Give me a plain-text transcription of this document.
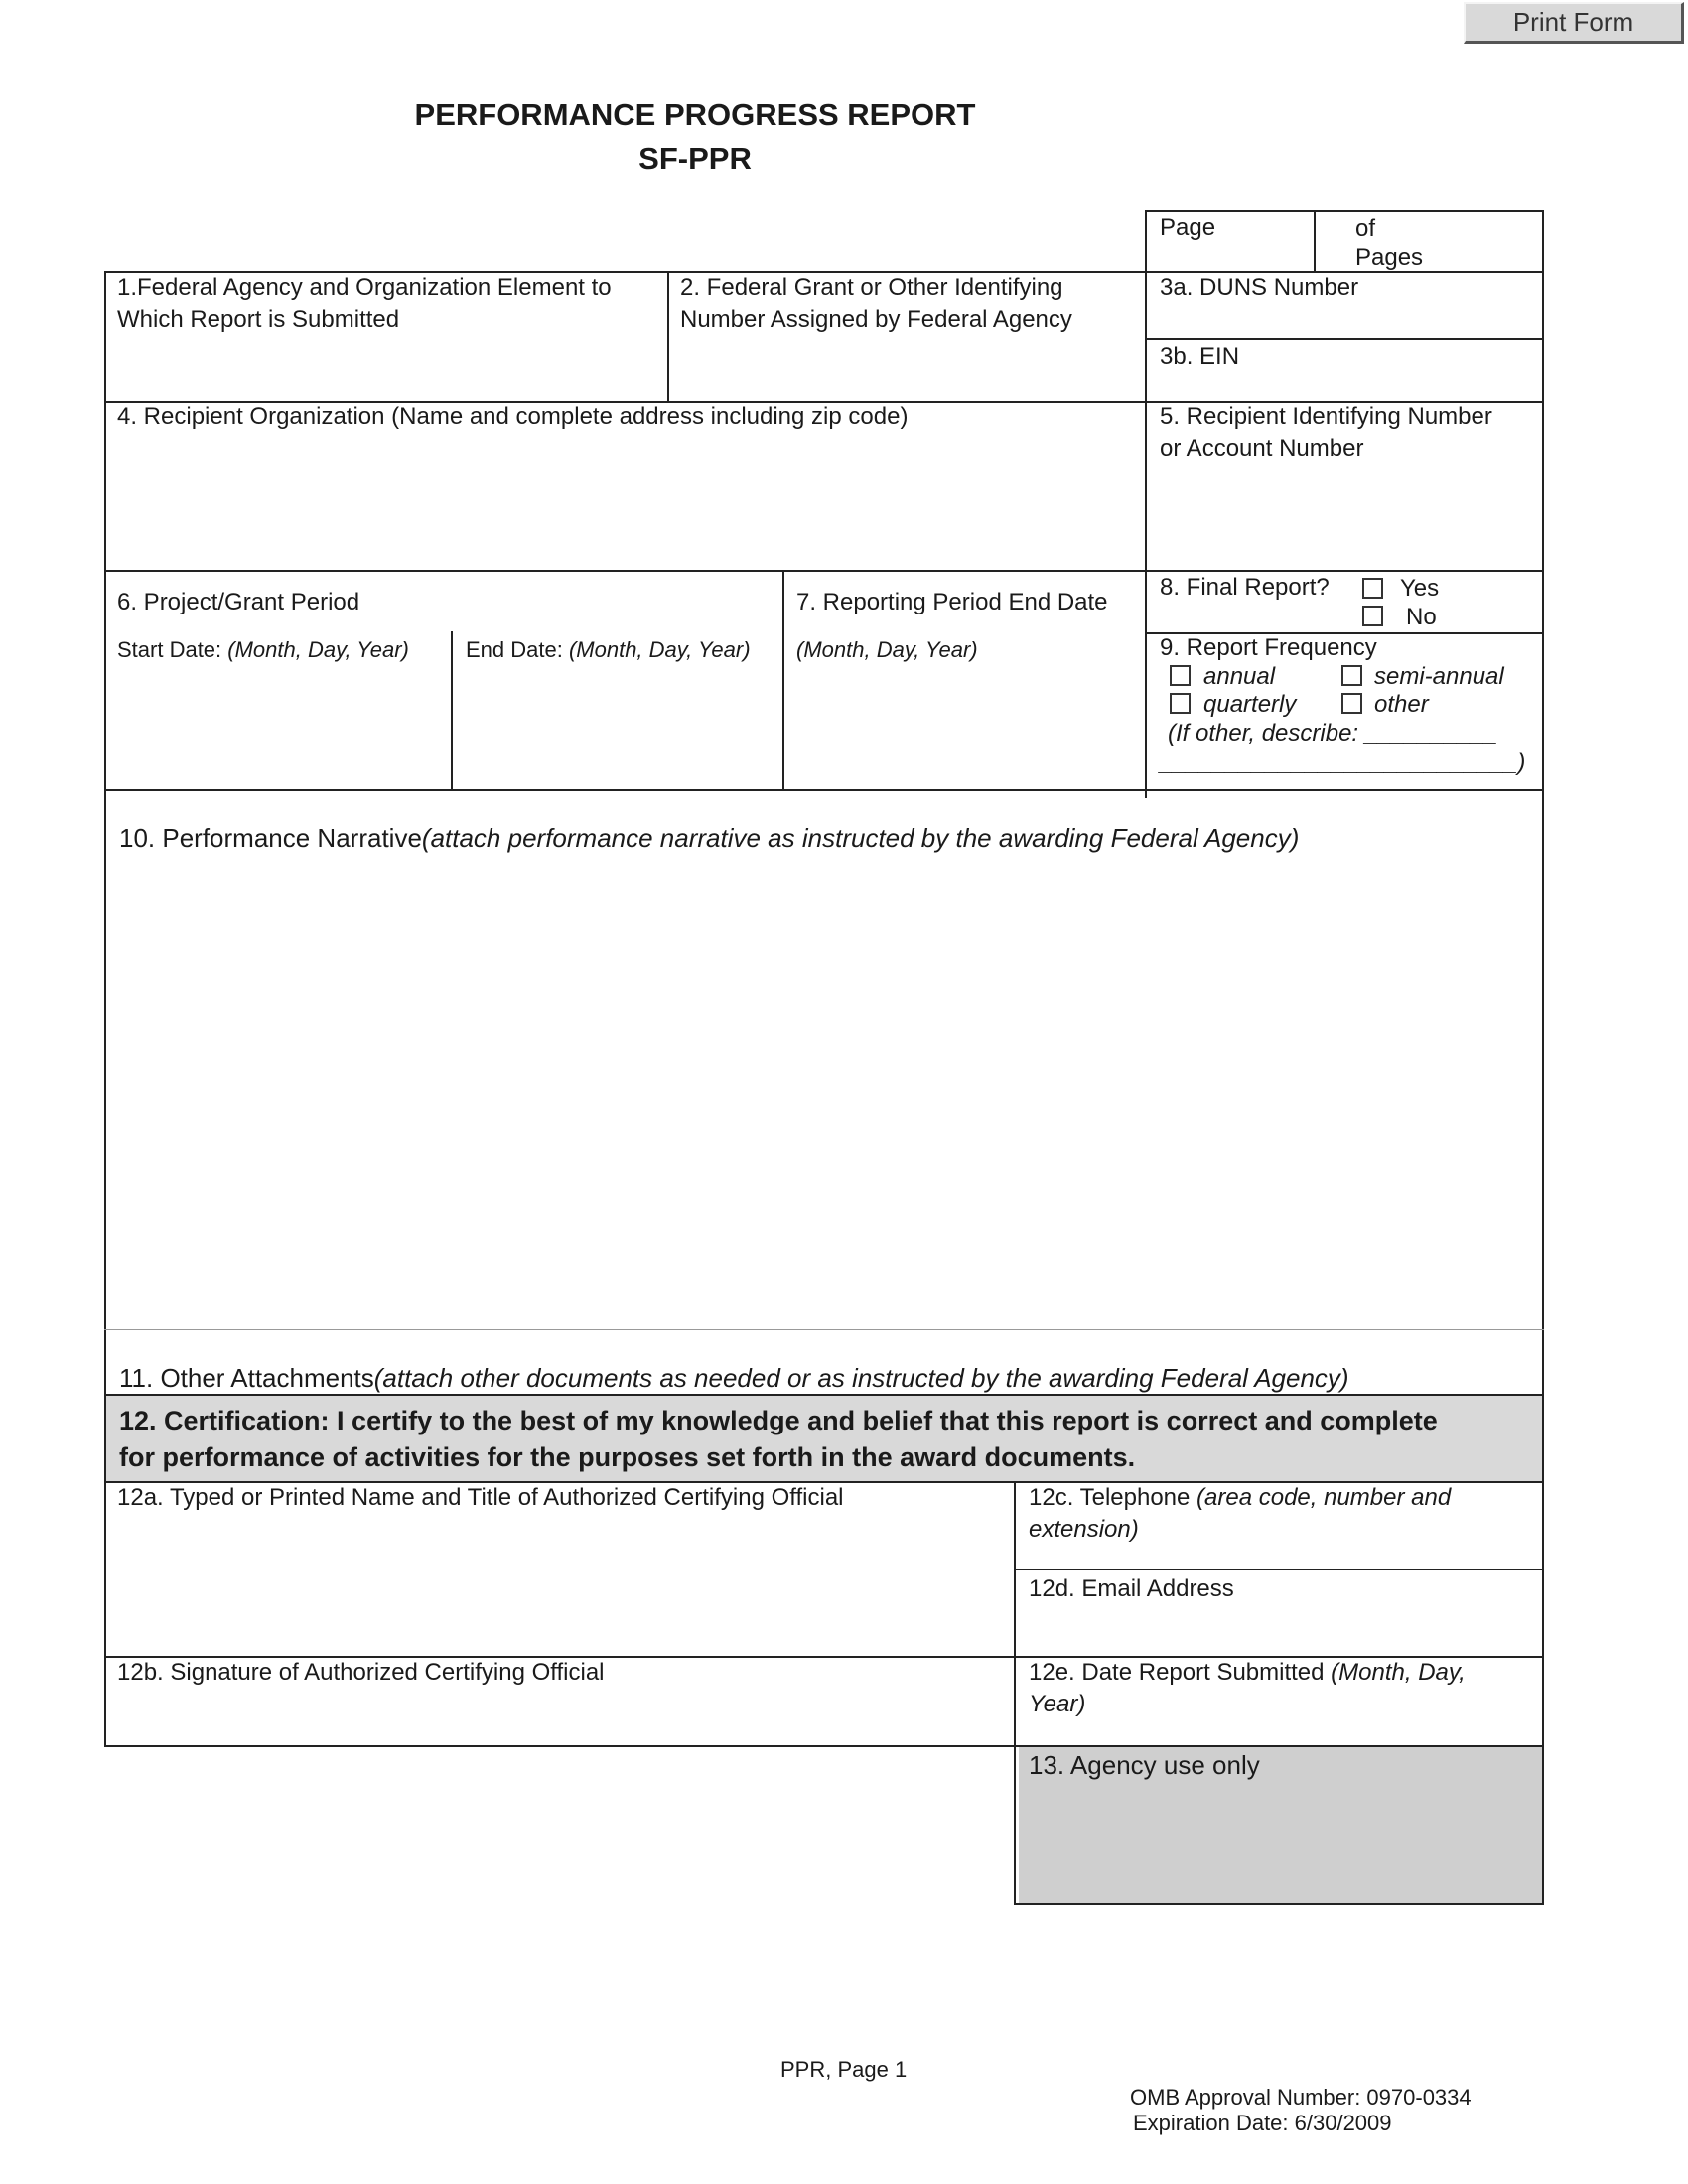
Print Form
PERFORMANCE PROGRESS REPORT
SF-PPR
Page	of
Pages
1.Federal Agency and Organization Element to
Which Report is Submitted
2. Federal Grant or Other Identifying
Number Assigned by Federal Agency
3a. DUNS Number
3b. EIN
4. Recipient Organization (Name and complete address including zip code)	5. Recipient Identifying Number
or Account Number
6. Project/Grant Period
Start Date: (Month, Day, Year)	End Date: (Month, Day, Year)
7. Reporting Period End Date
(Month, Day, Year)
8. Final Report?	Yes
No
9. Report Frequency
annual	semi-annual
quarterly	other
(If other, describe: __________
___________________________)
10. Performance Narrative(attach performance narrative as instructed by the awarding Federal Agency)
11. Other Attachments(attach other documents as needed or as instructed by the awarding Federal Agency)
12. Certification: I certify to the best of my knowledge and belief that this report is correct and complete
for performance of activities for the purposes set forth in the award documents.
12a. Typed or Printed Name and Title of Authorized Certifying Official
12b. Signature of Authorized Certifying Official
12c. Telephone (area code, number and
extension)
12d. Email Address
12e. Date Report Submitted (Month, Day,
Year)
13. Agency use only
PPR, Page 1
OMB Approval Number: 0970-0334
Expiration Date: 6/30/2009
